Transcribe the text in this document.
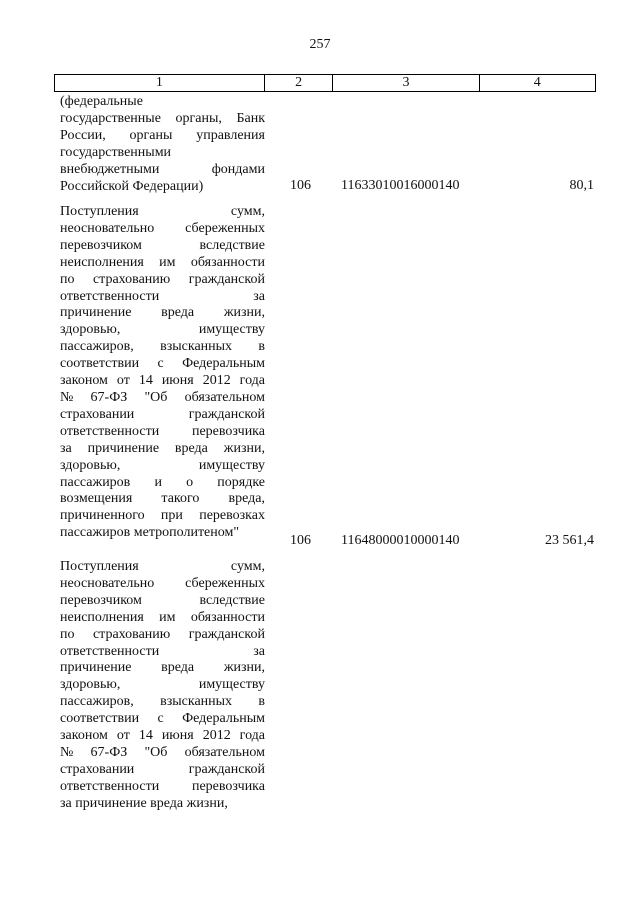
257
1	2	3	4
(федеральные
государственные органы, Банк
России, органы управления
государственными
внебюджетными	фондами
Российской Федерации)	106 11633010016000140	80,1
Поступления	сумм,
неосновательно сбереженных
перевозчиком	вследствие
неисполнения им обязанности
по страхованию гражданской
ответственности	за
причинение вреда жизни,
здоровью,	имуществу
пассажиров, взысканных в
соответствии с Федеральным
законом от 14 июня 2012 года
№ 67-ФЗ "Об обязательном
страховании	гражданской
ответственности перевозчика
за причинение вреда жизни,
здоровью,	имуществу
пассажиров и о порядке
возмещения такого вреда,
причиненного при перевозках
пассажиров метрополитеном"
106 11648000010000140	23 561,4
Поступления	сумм,
неосновательно сбереженных
перевозчиком	вследствие
неисполнения им обязанности
по страхованию гражданской
ответственности	за
причинение вреда жизни,
здоровью,	имуществу
пассажиров, взысканных в
соответствии с Федеральным
законом от 14 июня 2012 года
№ 67-ФЗ "Об обязательном
страховании	гражданской
ответственности перевозчика
за причинение вреда жизни,
